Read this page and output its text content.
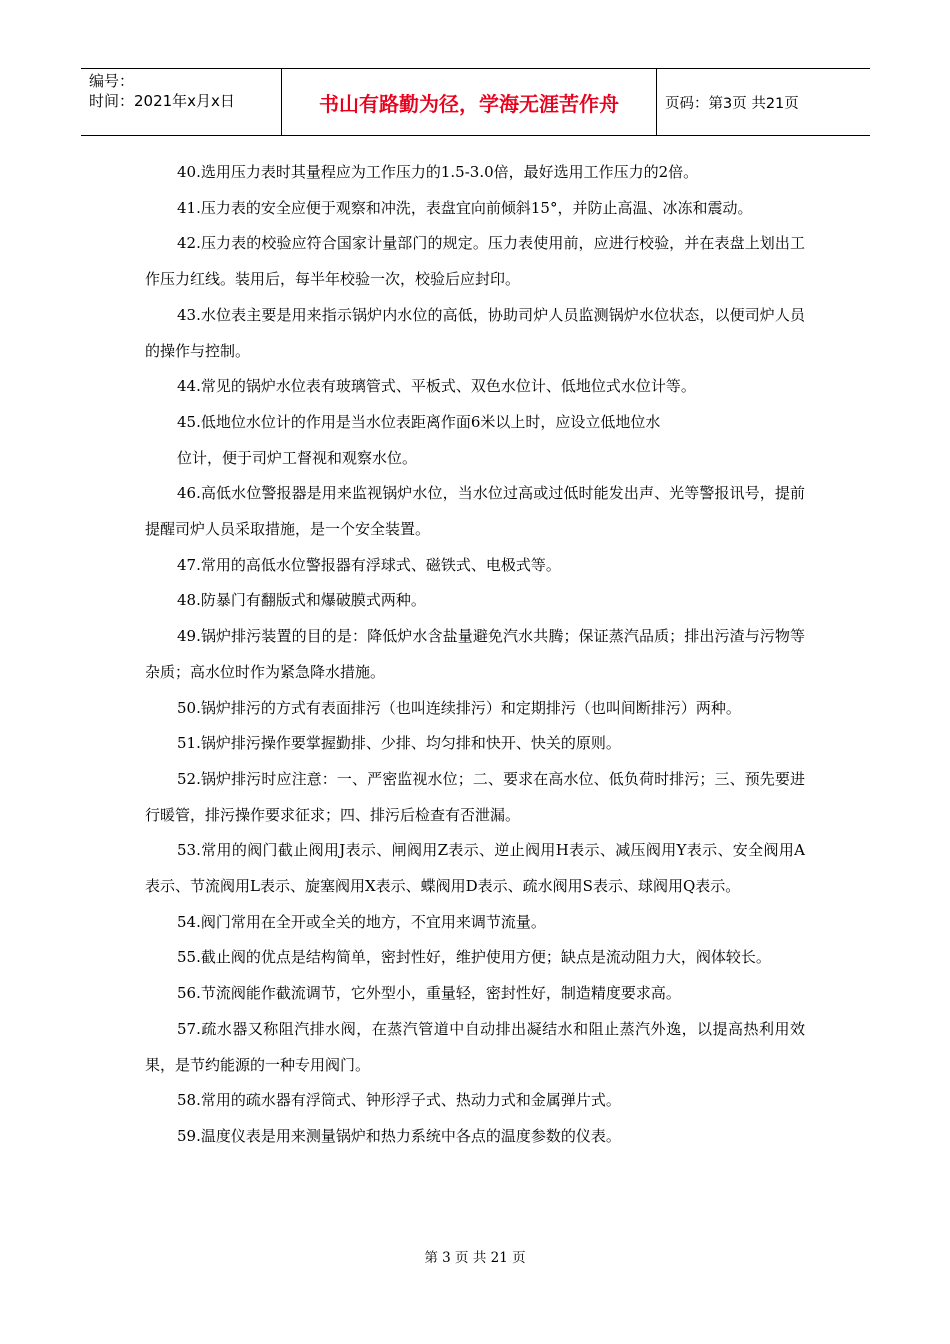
编号：
时间：2021年x月x日	书山有路勤为径，学海无涯苦作舟	页码：第3页 共21页

40.选用压力表时其量程应为工作压力的1.5-3.0倍，最好选用工作压力的2倍。

41.压力表的安全应便于观察和冲洗，表盘宜向前倾斜15°，并防止高温、冰冻和震动。

42.压力表的校验应符合国家计量部门的规定。压力表使用前，应进行校验，并在表盘上划出工作压力红线。装用后，每半年校验一次，校验后应封印。

43.水位表主要是用来指示锅炉内水位的高低，协助司炉人员监测锅炉水位状态，以便司炉人员的操作与控制。

44.常见的锅炉水位表有玻璃管式、平板式、双色水位计、低地位式水位计等。

45.低地位水位计的作用是当水位表距离作面6米以上时，应设立低地位水

位计，便于司炉工督视和观察水位。

46.高低水位警报器是用来监视锅炉水位，当水位过高或过低时能发出声、光等警报讯号，提前提醒司炉人员采取措施，是一个安全装置。

47.常用的高低水位警报器有浮球式、磁铁式、电极式等。

48.防暴门有翻版式和爆破膜式两种。

49.锅炉排污装置的目的是：降低炉水含盐量避免汽水共腾；保证蒸汽品质；排出污渣与污物等杂质；高水位时作为紧急降水措施。

50.锅炉排污的方式有表面排污（也叫连续排污）和定期排污（也叫间断排污）两种。

51.锅炉排污操作要掌握勤排、少排、均匀排和快开、快关的原则。

52.锅炉排污时应注意：一、严密监视水位；二、要求在高水位、低负荷时排污；三、预先要进行暖管，排污操作要求征求；四、排污后检查有否泄漏。

53.常用的阀门截止阀用J表示、闸阀用Z表示、逆止阀用H表示、减压阀用Y表示、安全阀用A表示、节流阀用L表示、旋塞阀用X表示、蝶阀用D表示、疏水阀用S表示、球阀用Q表示。

54.阀门常用在全开或全关的地方，不宜用来调节流量。

55.截止阀的优点是结构简单，密封性好，维护使用方便；缺点是流动阻力大，阀体较长。

56.节流阀能作截流调节，它外型小，重量轻，密封性好，制造精度要求高。

57.疏水器又称阻汽排水阀，在蒸汽管道中自动排出凝结水和阻止蒸汽外逸，以提高热利用效果，是节约能源的一种专用阀门。

58.常用的疏水器有浮筒式、钟形浮子式、热动力式和金属弹片式。

59.温度仪表是用来测量锅炉和热力系统中各点的温度参数的仪表。

第 3 页 共 21 页
